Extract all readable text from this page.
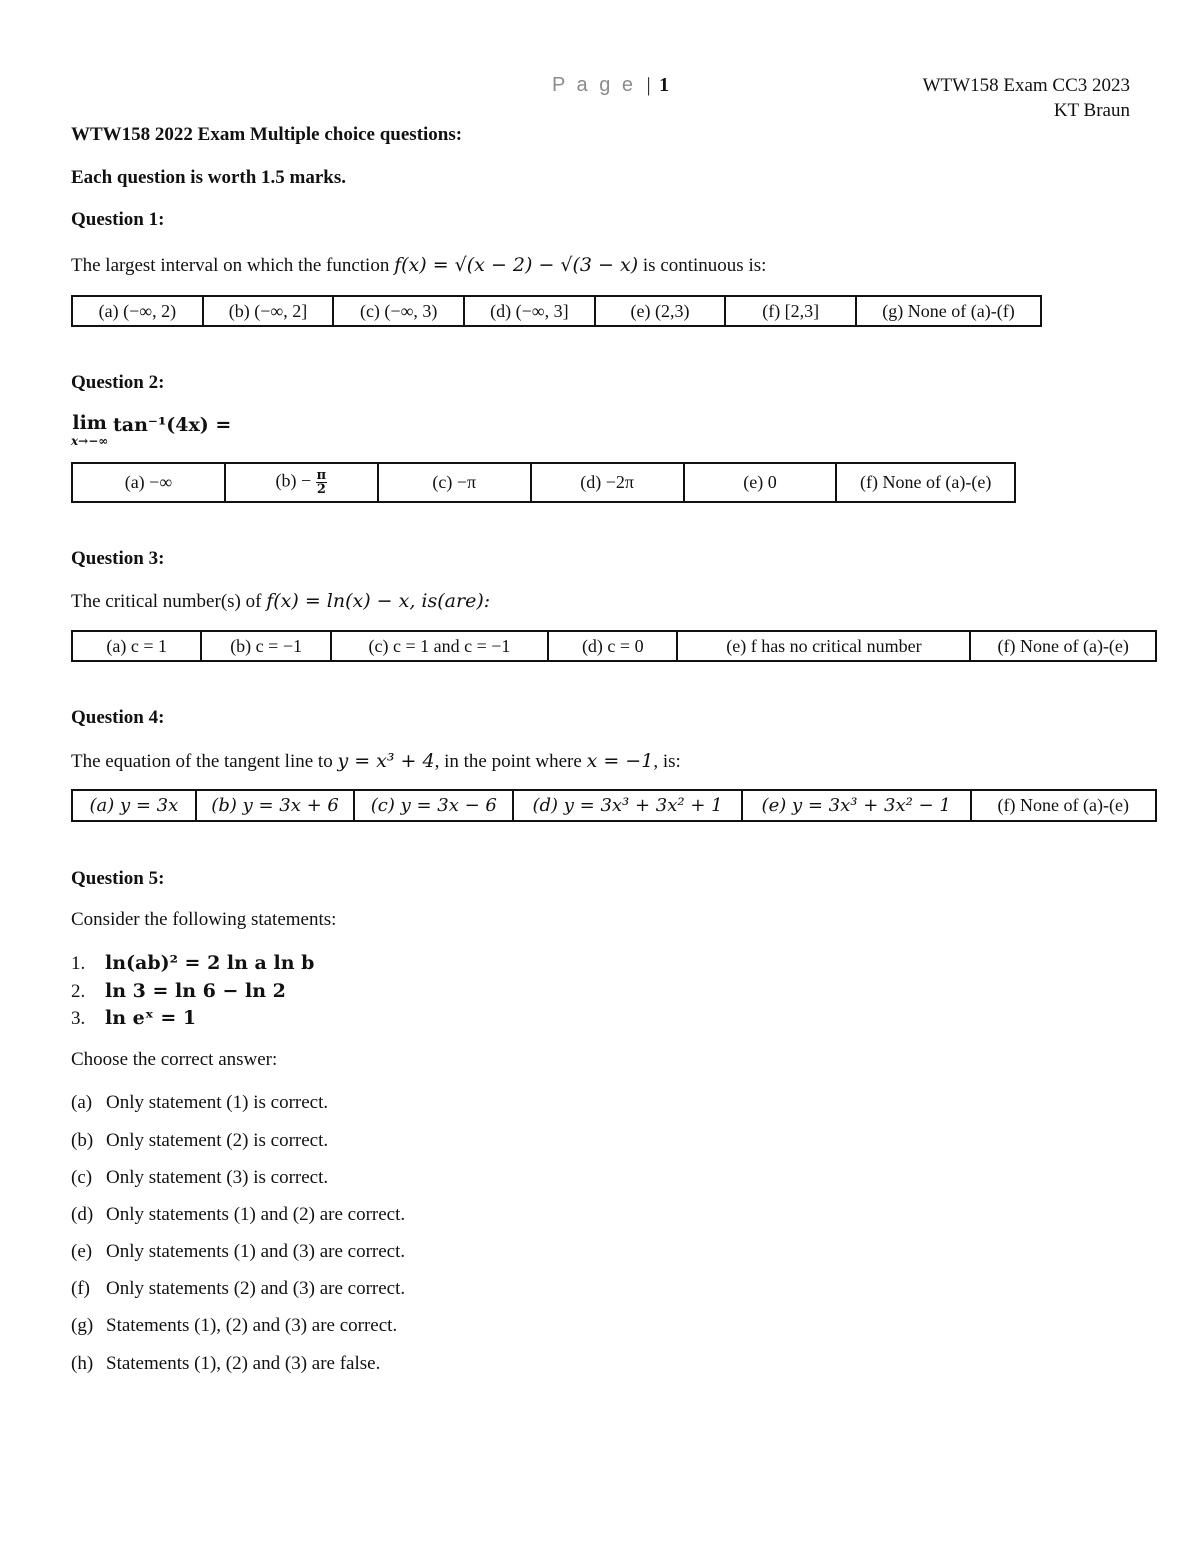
P a g e | 1	WTW158 Exam CC3 2023
KT Braun
WTW158 2022 Exam Multiple choice questions:
Each question is worth 1.5 marks.
Question 1:
The largest interval on which the function f(x) = √(x − 2) − √(3 − x) is continuous is:
(a) (−∞, 2)	(b) (−∞, 2]	(c) (−∞, 3)	(d) (−∞, 3]	(e) (2,3)	(f) [2,3]	(g) None of (a)-(f)
Question 2:
lim
x→−∞
tan⁻¹(4x) =
(a) −∞	$(b) - \frac{\pi}{2}$	(c) −π	(d) −2π	(e) 0	(f) None of (a)-(e)
Question 3:
The critical number(s) of f(x) = ln(x) − x, is(are):
(a) c = 1	(b) c = −1	(c) c = 1 and c = −1	(d) c = 0	(e) f has no critical number	(f) None of (a)-(e)
Question 4:
The equation of the tangent line to y = x³ + 4, in the point where x = −1, is:
(a) y = 3x	(b) y = 3x + 6	(c) y = 3x − 6	(d) y = 3x³ + 3x² + 1	(e) y = 3x³ + 3x² − 1	(f) None of (a)-(e)
Question 5:
Consider the following statements:
1. ln(ab)² = 2 ln a ln b
2. ln 3 = ln 6 − ln 2
3. ln eˣ = 1
Choose the correct answer:
(a) Only statement (1) is correct.
(b) Only statement (2) is correct.
(c) Only statement (3) is correct.
(d) Only statements (1) and (2) are correct.
(e) Only statements (1) and (3) are correct.
(f) Only statements (2) and (3) are correct.
(g) Statements (1), (2) and (3) are correct.
(h) Statements (1), (2) and (3) are false.
